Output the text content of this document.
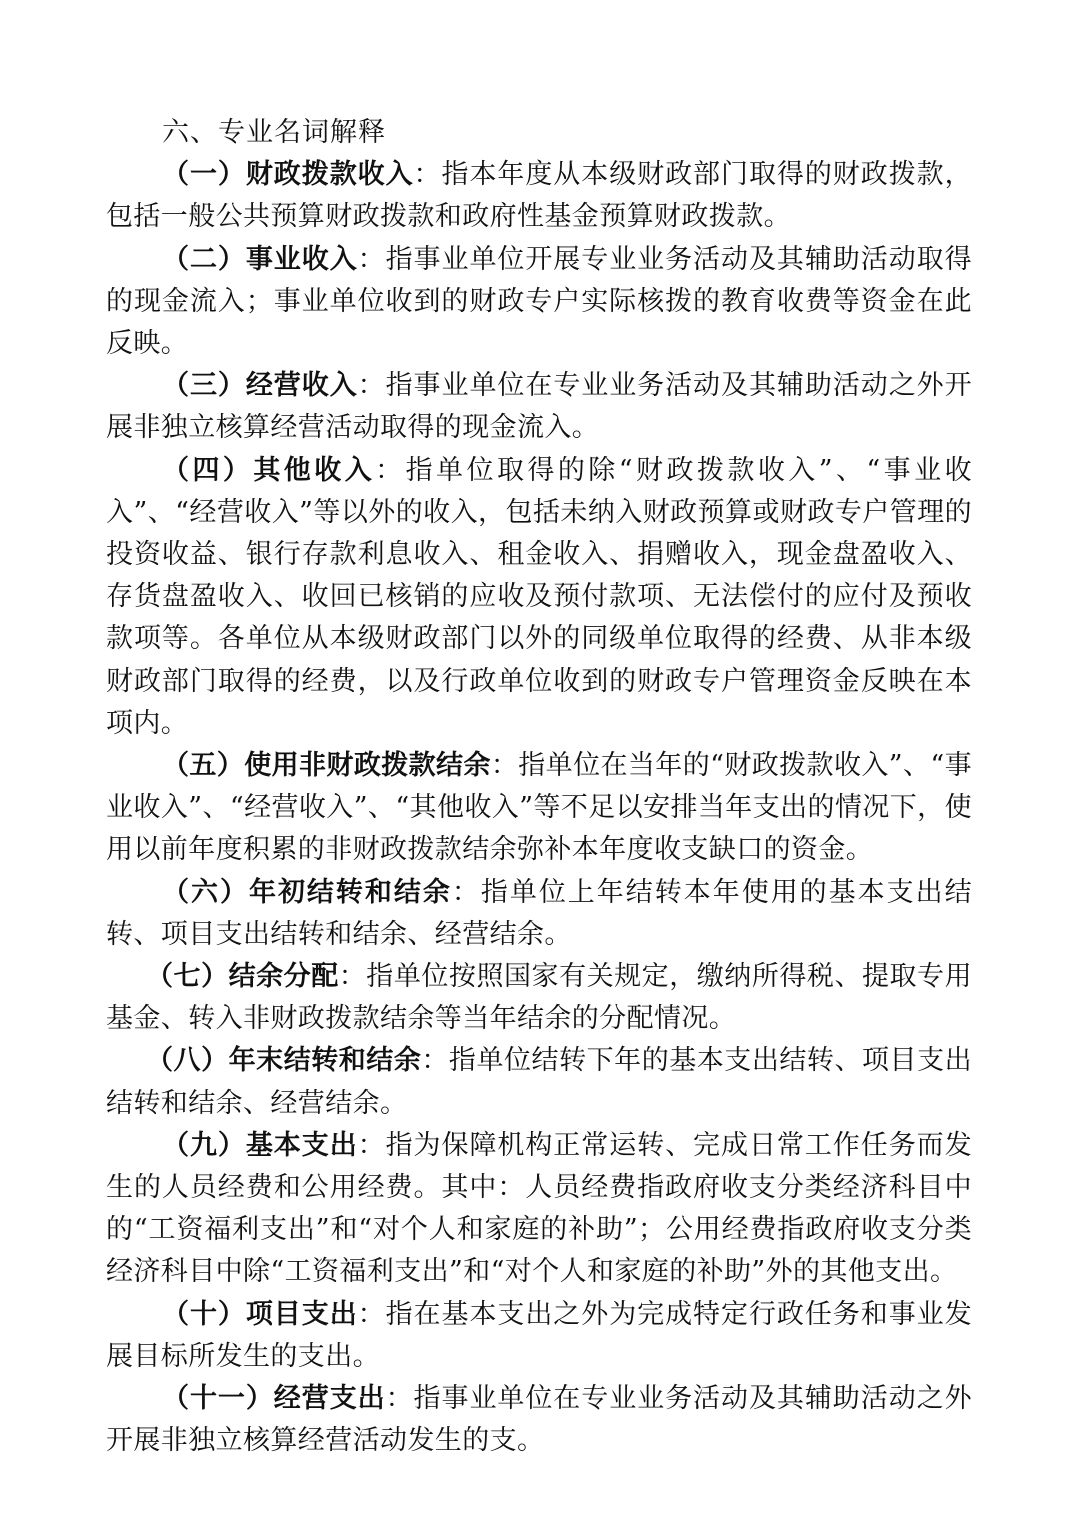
六、专业名词解释

（一）财政拨款收入：指本年度从本级财政部门取得的财政拨款，包括一般公共预算财政拨款和政府性基金预算财政拨款。

（二）事业收入：指事业单位开展专业业务活动及其辅助活动取得的现金流入；事业单位收到的财政专户实际核拨的教育收费等资金在此反映。

（三）经营收入：指事业单位在专业业务活动及其辅助活动之外开展非独立核算经营活动取得的现金流入。

（四）其他收入：指单位取得的除“财政拨款收入”、“事业收入”、“经营收入”等以外的收入，包括未纳入财政预算或财政专户管理的投资收益、银行存款利息收入、租金收入、捐赠收入，现金盘盈收入、存货盘盈收入、收回已核销的应收及预付款项、无法偿付的应付及预收款项等。各单位从本级财政部门以外的同级单位取得的经费、从非本级财政部门取得的经费，以及行政单位收到的财政专户管理资金反映在本项内。

（五）使用非财政拨款结余：指单位在当年的“财政拨款收入”、“事业收入”、“经营收入”、“其他收入”等不足以安排当年支出的情况下，使用以前年度积累的非财政拨款结余弥补本年度收支缺口的资金。

（六）年初结转和结余：指单位上年结转本年使用的基本支出结转、项目支出结转和结余、经营结余。

（七）结余分配：指单位按照国家有关规定，缴纳所得税、提取专用基金、转入非财政拨款结余等当年结余的分配情况。

（八）年末结转和结余：指单位结转下年的基本支出结转、项目支出结转和结余、经营结余。

（九）基本支出：指为保障机构正常运转、完成日常工作任务而发生的人员经费和公用经费。其中：人员经费指政府收支分类经济科目中的“工资福利支出”和“对个人和家庭的补助”；公用经费指政府收支分类经济科目中除“工资福利支出”和“对个人和家庭的补助”外的其他支出。

（十）项目支出：指在基本支出之外为完成特定行政任务和事业发展目标所发生的支出。

（十一）经营支出：指事业单位在专业业务活动及其辅助活动之外开展非独立核算经营活动发生的支。
